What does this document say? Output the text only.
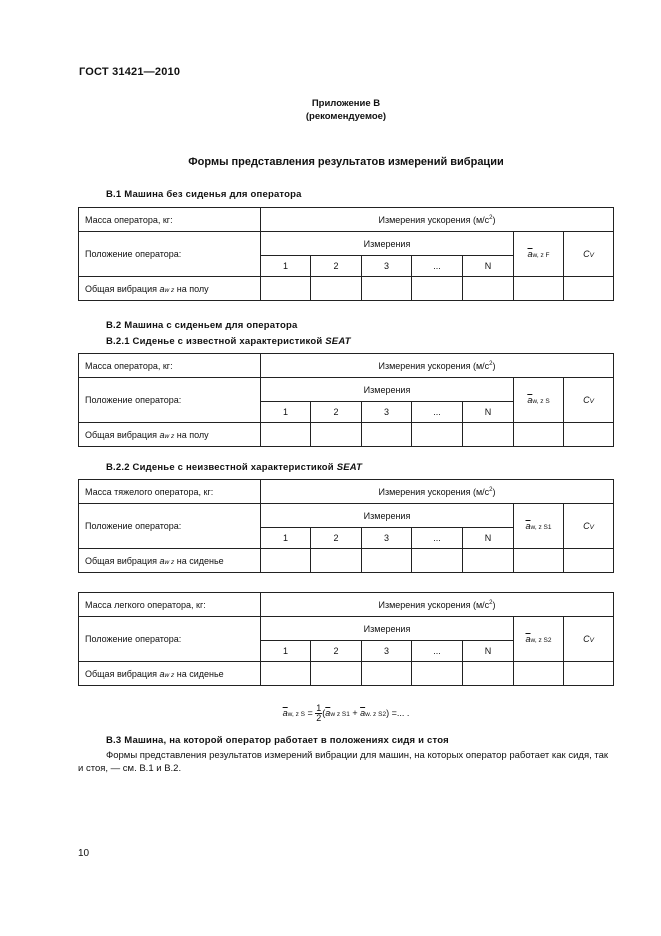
ГОСТ 31421—2010
Приложение В
(рекомендуемое)
Формы представления результатов измерений вибрации
В.1 Машина без сиденья для оператора
Масса оператора, кг:	Измерения ускорения $(м/с^2)$						
Положение оператора:	Измерения					$\overline{a}w$, z F	CV
	1	2	3	...	N		
Общая вибрация aw z на полу							
В.2 Машина с сиденьем для оператора
В.2.1 Сиденье с известной характеристикой SEAT
Масса оператора, кг:	Измерения ускорения $(м/с^2)$						
Положение оператора:	Измерения					$\overline{a}w$, z S	CV
	1	2	3	...	N		
Общая вибрация aw z на полу							
В.2.2 Сиденье с неизвестной характеристикой SEAT
Масса тяжелого оператора, кг:	Измерения ускорения $(м/с^2)$						
Положение оператора:	Измерения					$\overline{a}w$, z S1	CV
	1	2	3	...	N		
Общая вибрация aw z на сиденье							
Масса легкого оператора, кг:	Измерения ускорения $(м/с^2)$						
Положение оператора:	Измерения					$\overline{a}w$, z S2	CV
	1	2	3	...	N		
Общая вибрация aw z на сиденье							
$\overline{a}w$, z $S = \frac{1}{2} (\overline{a}w$ z $S1 + \overline{a}w$. z S2) =... .
В.3 Машина, на которой оператор работает в положениях сидя и стоя
Формы представления результатов измерений вибрации для машин, на которых оператор работает как сидя, так и стоя, — см. В.1 и В.2.
10
